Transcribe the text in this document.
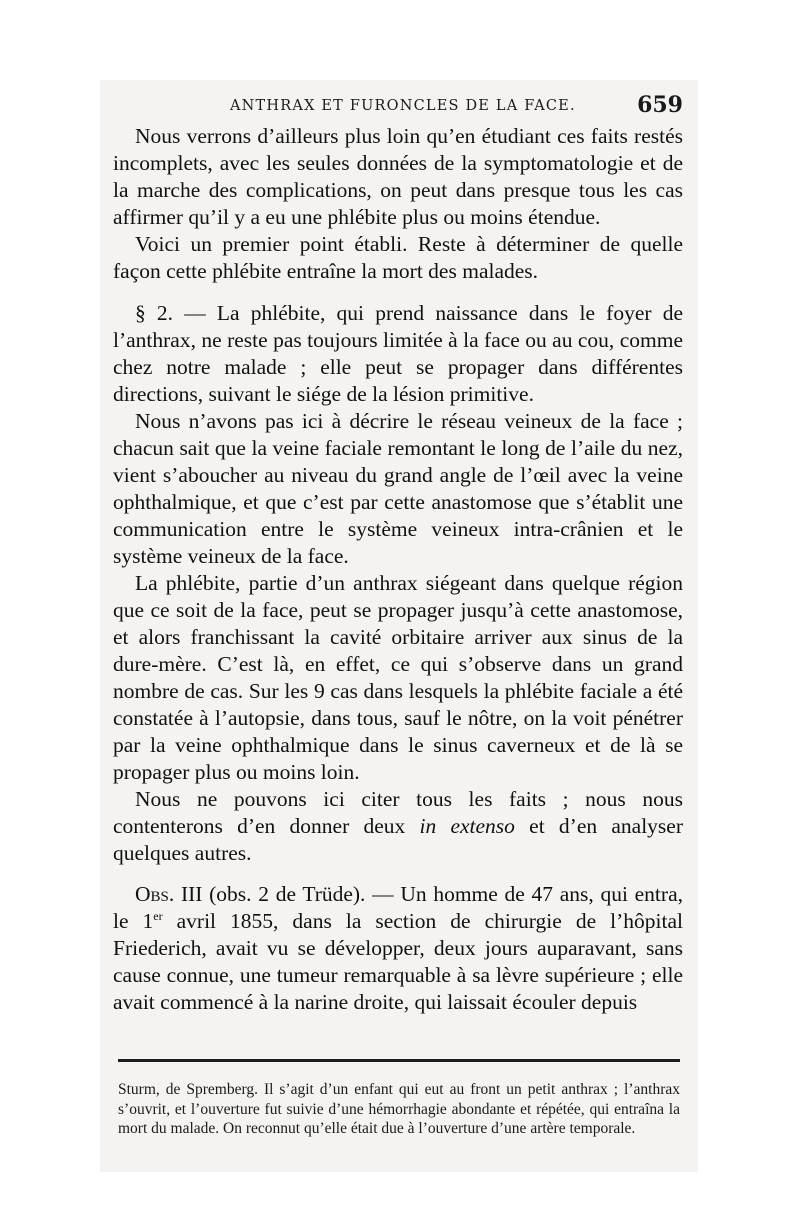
ANTHRAX ET FURONCLES DE LA FACE.	659

Nous verrons d’ailleurs plus loin qu’en étudiant ces faits restés incomplets, avec les seules données de la symptomatologie et de la marche des complications, on peut dans presque tous les cas affirmer qu’il y a eu une phlébite plus ou moins étendue.

Voici un premier point établi. Reste à déterminer de quelle façon cette phlébite entraîne la mort des malades.

§ 2. — La phlébite, qui prend naissance dans le foyer de l’anthrax, ne reste pas toujours limitée à la face ou au cou, comme chez notre malade ; elle peut se propager dans différentes directions, suivant le siége de la lésion primitive.

Nous n’avons pas ici à décrire le réseau veineux de la face ; chacun sait que la veine faciale remontant le long de l’aile du nez, vient s’aboucher au niveau du grand angle de l’œil avec la veine ophthalmique, et que c’est par cette anastomose que s’établit une communication entre le système veineux intra-crânien et le système veineux de la face.

La phlébite, partie d’un anthrax siégeant dans quelque région que ce soit de la face, peut se propager jusqu’à cette anastomose, et alors franchissant la cavité orbitaire arriver aux sinus de la dure-mère. C’est là, en effet, ce qui s’observe dans un grand nombre de cas. Sur les 9 cas dans lesquels la phlébite faciale a été constatée à l’autopsie, dans tous, sauf le nôtre, on la voit pénétrer par la veine ophthalmique dans le sinus caverneux et de là se propager plus ou moins loin.

Nous ne pouvons ici citer tous les faits ; nous nous contenterons d’en donner deux in extenso et d’en analyser quelques autres.

Obs. III (obs. 2 de Trüde). — Un homme de 47 ans, qui entra, le 1er avril 1855, dans la section de chirurgie de l’hôpital Friederich, avait vu se développer, deux jours auparavant, sans cause connue, une tumeur remarquable à sa lèvre supérieure ; elle avait commencé à la narine droite, qui laissait écouler depuis

Sturm, de Spremberg. Il s’agit d’un enfant qui eut au front un petit anthrax ; l’anthrax s’ouvrit, et l’ouverture fut suivie d’une hémorrhagie abondante et répétée, qui entraîna la mort du malade. On reconnut qu’elle était due à l’ouverture d’une artère temporale.
